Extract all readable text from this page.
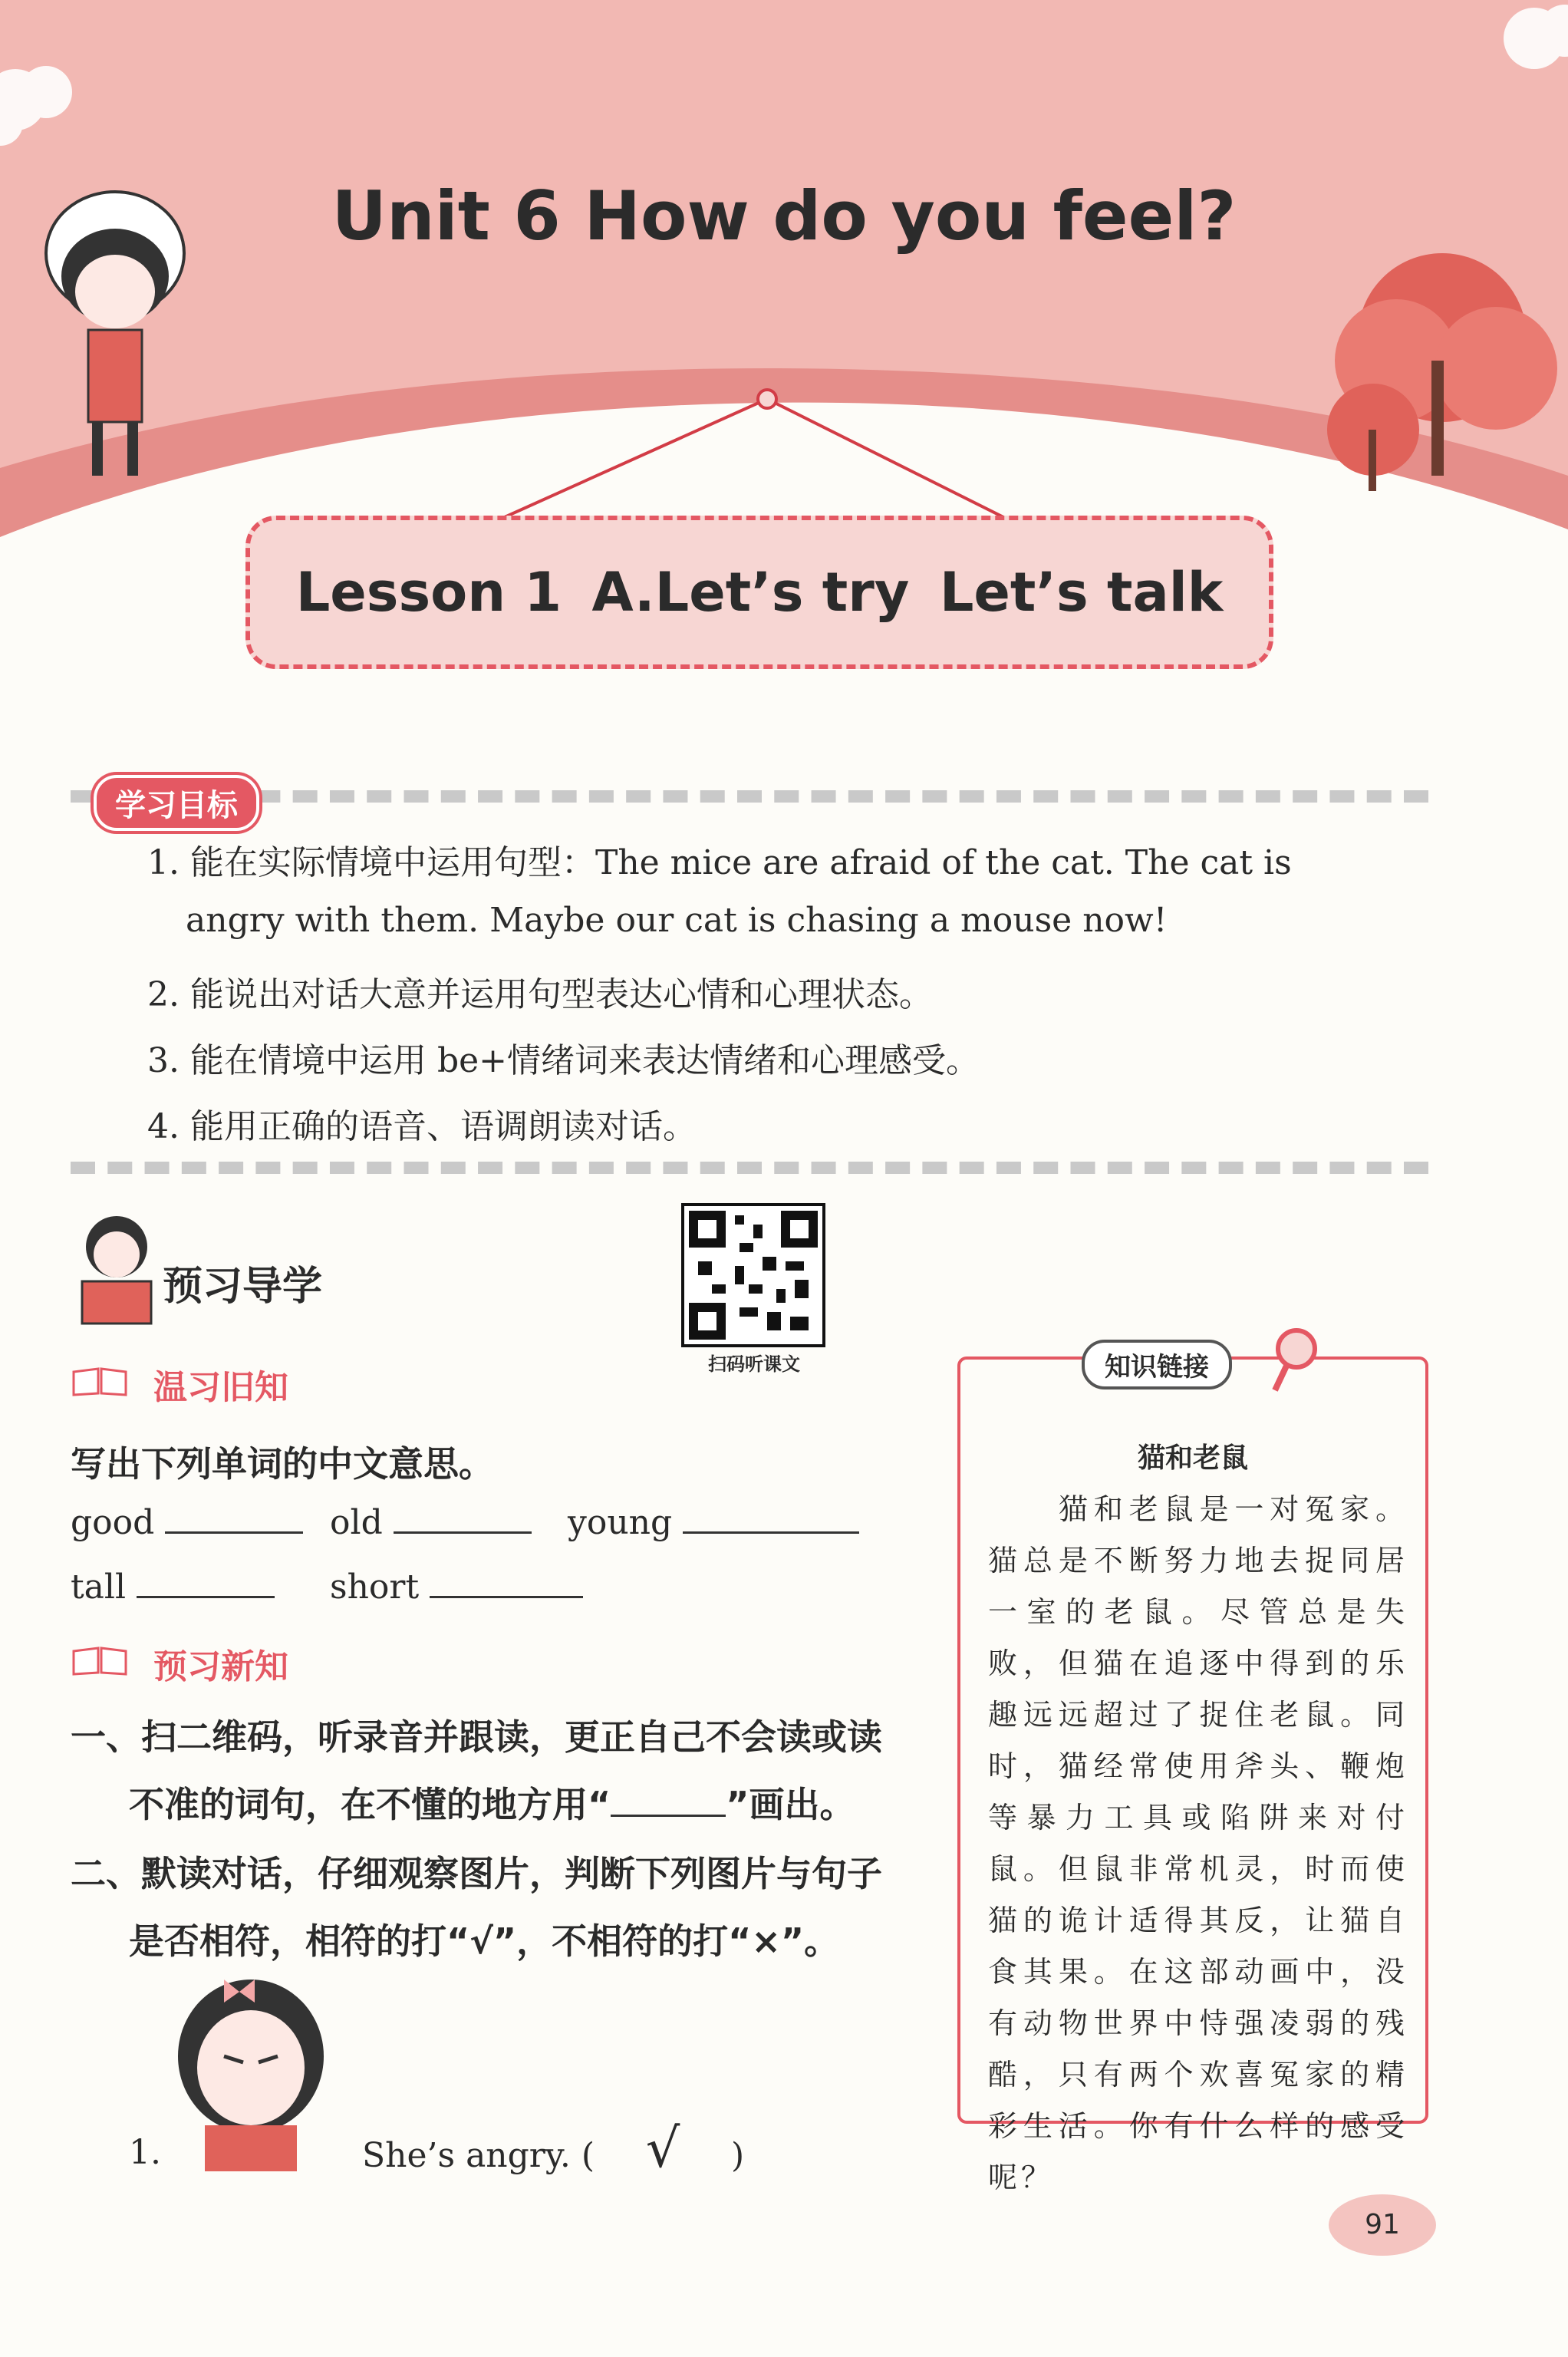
Unit 6 How do you feel?
Lesson 1 A.Let’s try Let’s talk
学习目标
1. 能在实际情境中运用句型：The mice are afraid of the cat. The cat is
angry with them. Maybe our cat is chasing a mouse now!
2. 能说出对话大意并运用句型表达心情和心理状态。
3. 能在情境中运用 be+情绪词来表达情绪和心理感受。
4. 能用正确的语音、语调朗读对话。
预习导学
扫码听课文
温习旧知
写出下列单词的中文意思。
good	old	young
tall	short
预习新知
一、扫二维码，听录音并跟读，更正自己不会读或读
不准的词句，在不懂的地方用“	”画出。
二、默读对话，仔细观察图片，判断下列图片与句子
是否相符，相符的打“√”，不相符的打“×”。
1.	She’s angry. ( √ )
知识链接
猫和老鼠
　　猫和老鼠是一对冤家。猫总是不断努力地去捉同居一室的老鼠。尽管总是失败，但猫在追逐中得到的乐趣远远超过了捉住老鼠。同时，猫经常使用斧头、鞭炮等暴力工具或陷阱来对付鼠。但鼠非常机灵，时而使猫的诡计适得其反，让猫自食其果。在这部动画中，没有动物世界中恃强凌弱的残酷，只有两个欢喜冤家的精彩生活。你有什么样的感受呢？
91
